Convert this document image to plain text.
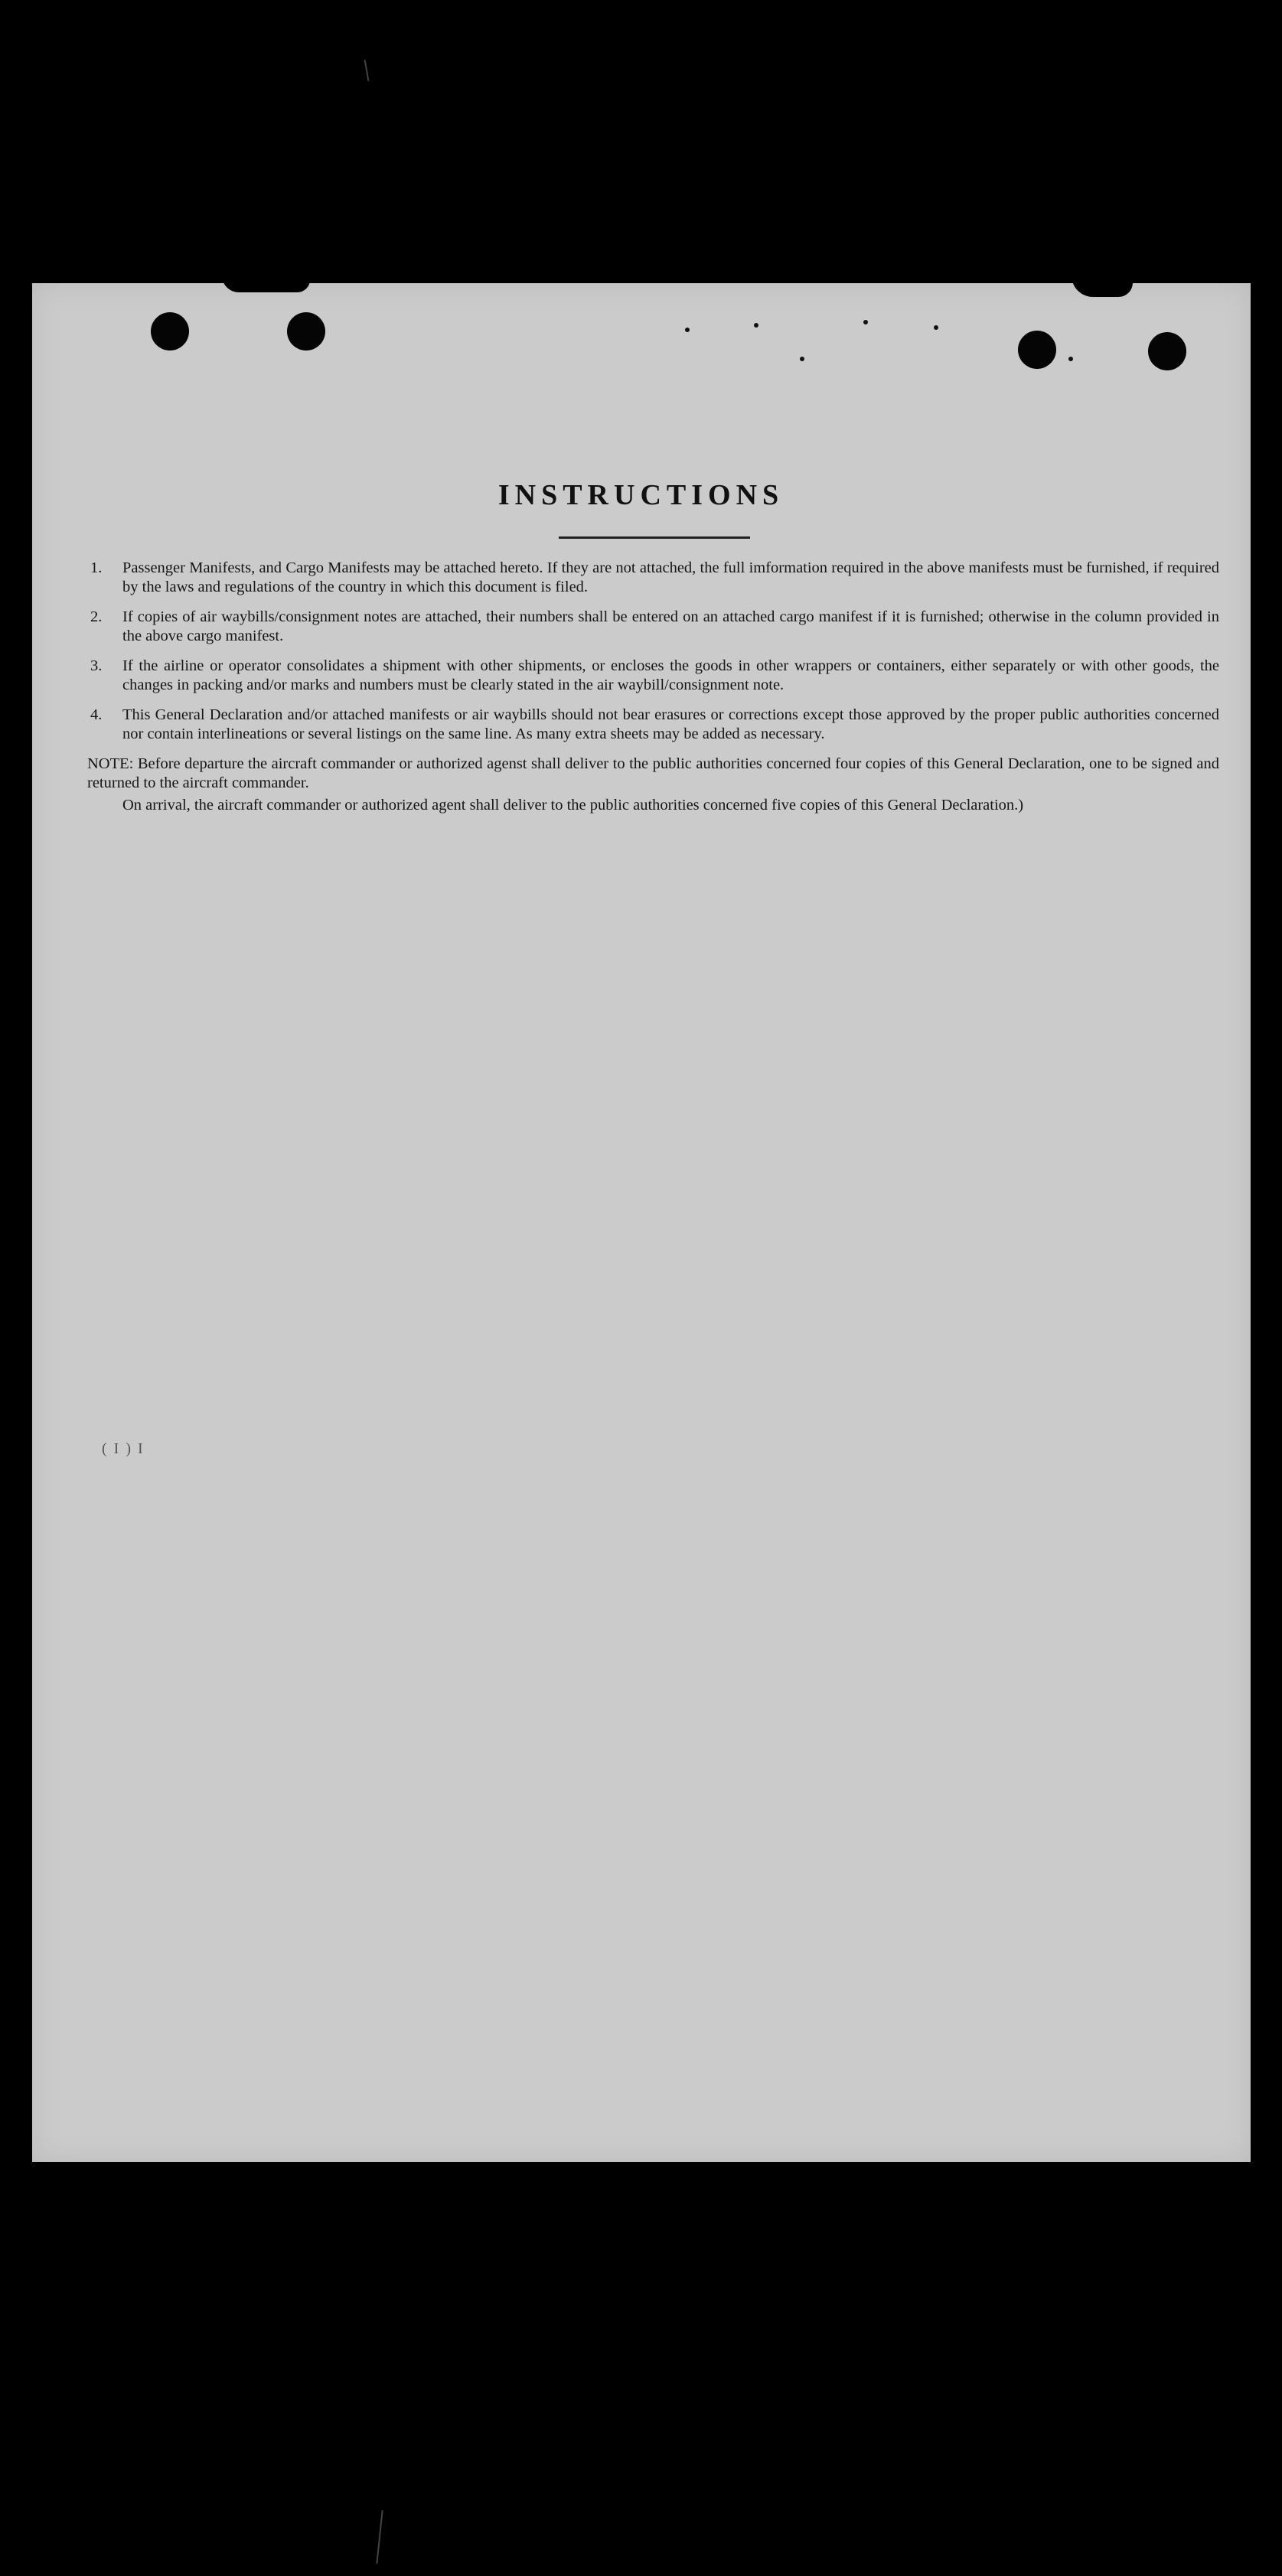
INSTRUCTIONS
1.	Passenger Manifests, and Cargo Manifests may be attached hereto. If they are not attached, the full imformation required in the above manifests must be furnished, if required by the laws and regulations of the country in which this document is filed.
2.	If copies of air waybills/consignment notes are attached, their numbers shall be entered on an attached cargo manifest if it is furnished; otherwise in the column provided in the above cargo manifest.
3.	If the airline or operator consolidates a shipment with other shipments, or encloses the goods in other wrappers or containers, either separately or with other goods, the changes in packing and/or marks and numbers must be clearly stated in the air waybill/consignment note.
4.	This General Declaration and/or attached manifests or air waybills should not bear erasures or corrections except those approved by the proper public authorities concerned nor contain interlineations or several listings on the same line. As many extra sheets may be added as necessary.
NOTE: Before departure the aircraft commander or authorized agenst shall deliver to the public authorities concerned four copies of this General Declaration, one to be signed and returned to the aircraft commander.
On arrival, the aircraft commander or authorized agent shall deliver to the public authorities concerned five copies of this General Declaration.)
( I ) I
